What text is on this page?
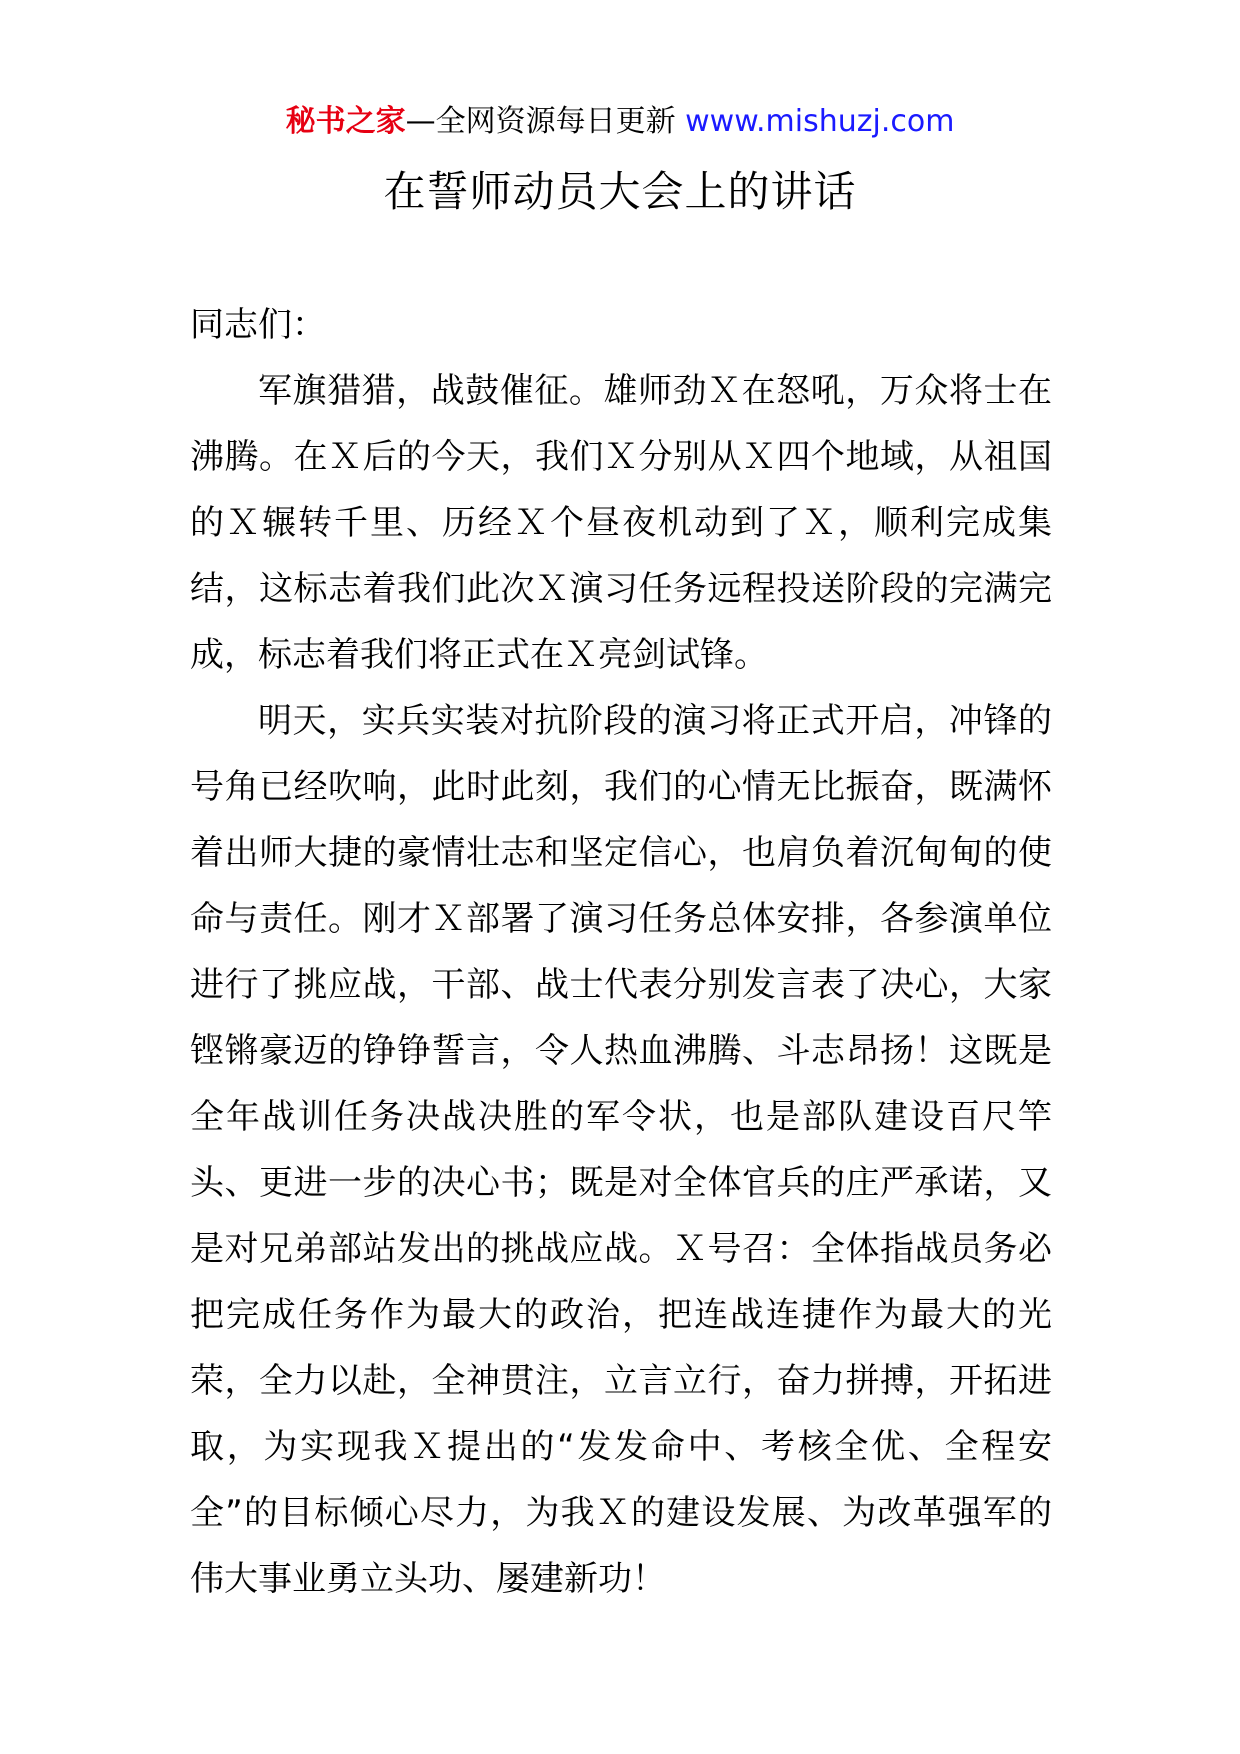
秘书之家—全网资源每日更新 www.mishuzj.com
在誓师动员大会上的讲话

同志们：

军旗猎猎，战鼓催征。雄师劲Ｘ在怒吼，万众将士在沸腾。在Ｘ后的今天，我们Ｘ分别从Ｘ四个地域，从祖国的Ｘ辗转千里、历经Ｘ个昼夜机动到了Ｘ，顺利完成集结，这标志着我们此次Ｘ演习任务远程投送阶段的完满完成，标志着我们将正式在Ｘ亮剑试锋。

明天，实兵实装对抗阶段的演习将正式开启，冲锋的号角已经吹响，此时此刻，我们的心情无比振奋，既满怀着出师大捷的豪情壮志和坚定信心，也肩负着沉甸甸的使命与责任。刚才Ｘ部署了演习任务总体安排，各参演单位进行了挑应战，干部、战士代表分别发言表了决心，大家铿锵豪迈的铮铮誓言，令人热血沸腾、斗志昂扬！这既是全年战训任务决战决胜的军令状，也是部队建设百尺竿头、更进一步的决心书；既是对全体官兵的庄严承诺，又是对兄弟部站发出的挑战应战。Ｘ号召：全体指战员务必把完成任务作为最大的政治，把连战连捷作为最大的光荣，全力以赴，全神贯注，立言立行，奋力拼搏，开拓进取，为实现我Ｘ提出的“发发命中、考核全优、全程安全”的目标倾心尽力，为我Ｘ的建设发展、为改革强军的伟大事业勇立头功、屡建新功！
